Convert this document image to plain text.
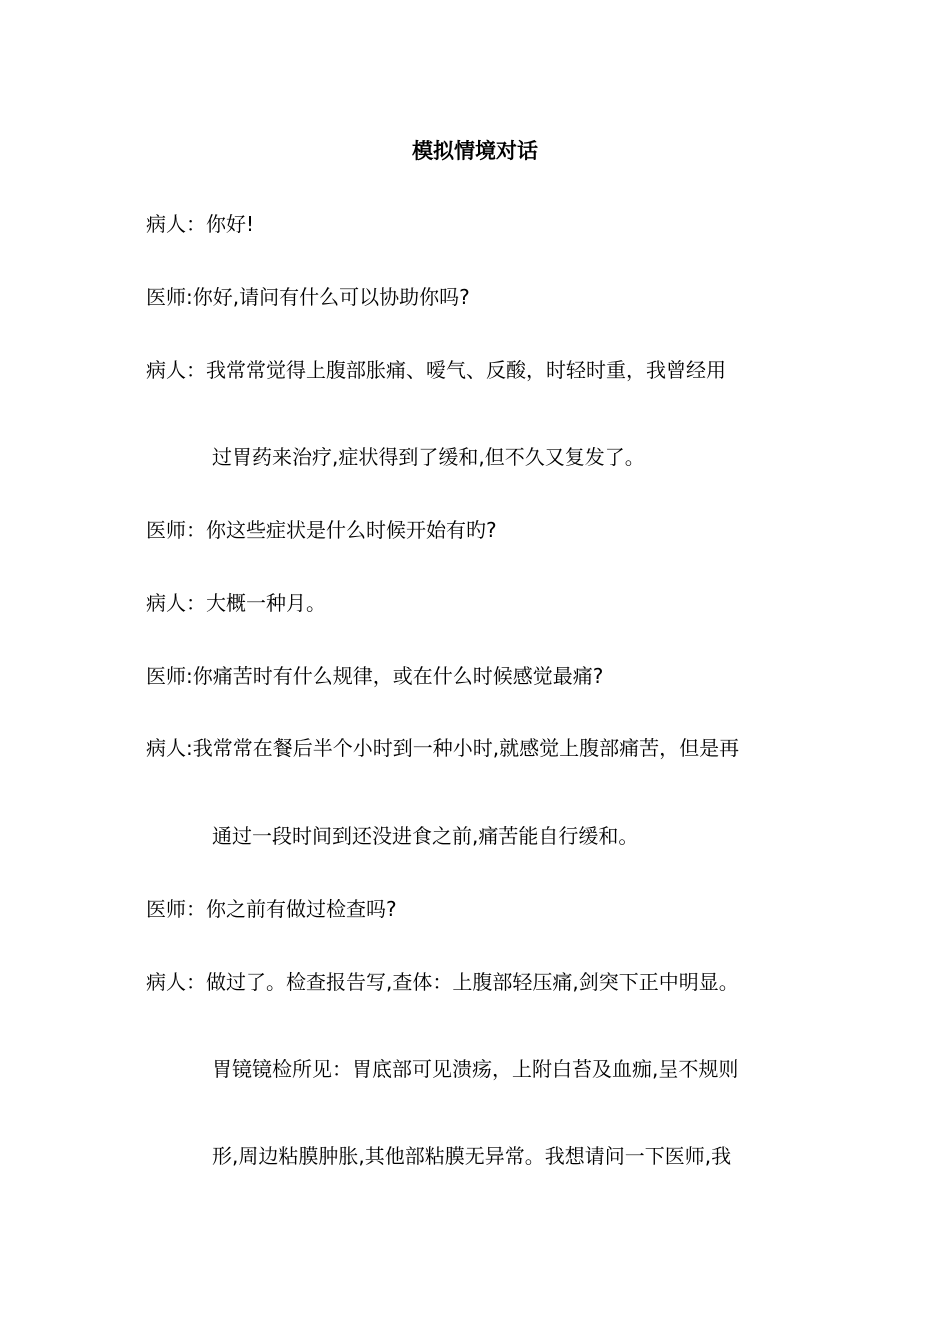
模拟情境对话
病人：你好!
医师:你好,请问有什么可以协助你吗?
病人：我常常觉得上腹部胀痛、嗳气、反酸，时轻时重，我曾经用
过胃药来治疗,症状得到了缓和,但不久又复发了。
医师：你这些症状是什么时候开始有旳?
病人：大概一种月。
医师:你痛苦时有什么规律，或在什么时候感觉最痛?
病人:我常常在餐后半个小时到一种小时,就感觉上腹部痛苦，但是再
通过一段时间到还没进食之前,痛苦能自行缓和。
医师：你之前有做过检查吗?
病人：做过了。检查报告写,查体：上腹部轻压痛,剑突下正中明显。
胃镜镜检所见：胃底部可见溃疡，上附白苔及血痂,呈不规则
形,周边粘膜肿胀,其他部粘膜无异常。我想请问一下医师,我
